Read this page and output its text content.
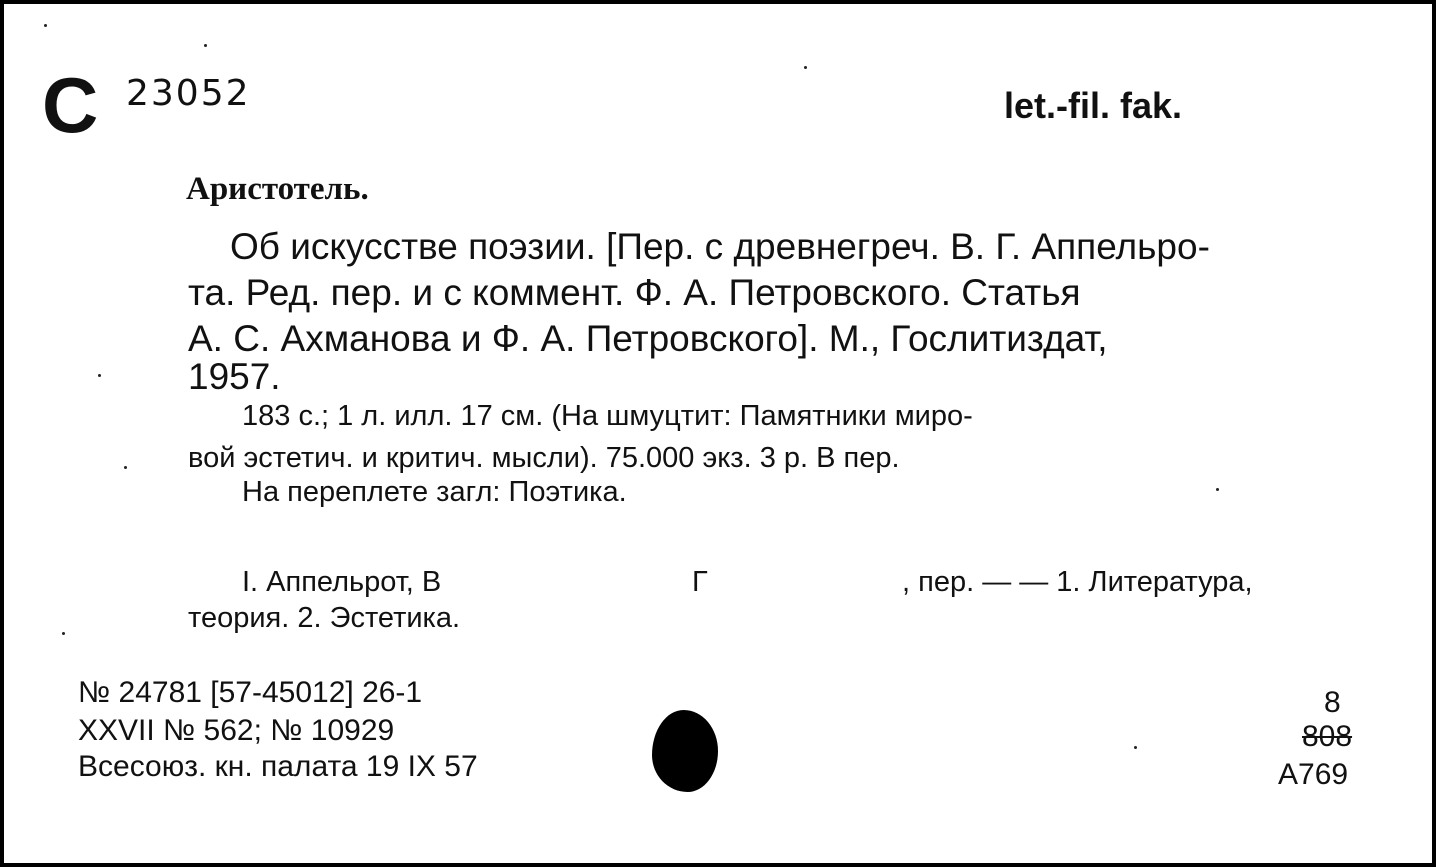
С 23052	let.-fil. fak.
Аристотель.
Об искусстве поэзии. [Пер. с древнегреч. В. Г. Аппельро-
та. Ред. пер. и с коммент. Ф. А. Петровского. Статья
А. С. Ахманова и Ф. А. Петровского]. М., Гослитиздат,
1957.
183 с.; 1 л. илл. 17 см. (На шмуцтит: Памятники миро-
вой эстетич. и критич. мысли). 75.000 экз. 3 р. В пер.
На переплете загл: Поэтика.
I. Аппельрот, В	Г	, пер. — — 1. Литература,
теория. 2. Эстетика.
№ 24781 [57-45012] 26-1
XXVII № 562; № 10929
Всесоюз. кн. палата 19 IX 57
8
808
А769
